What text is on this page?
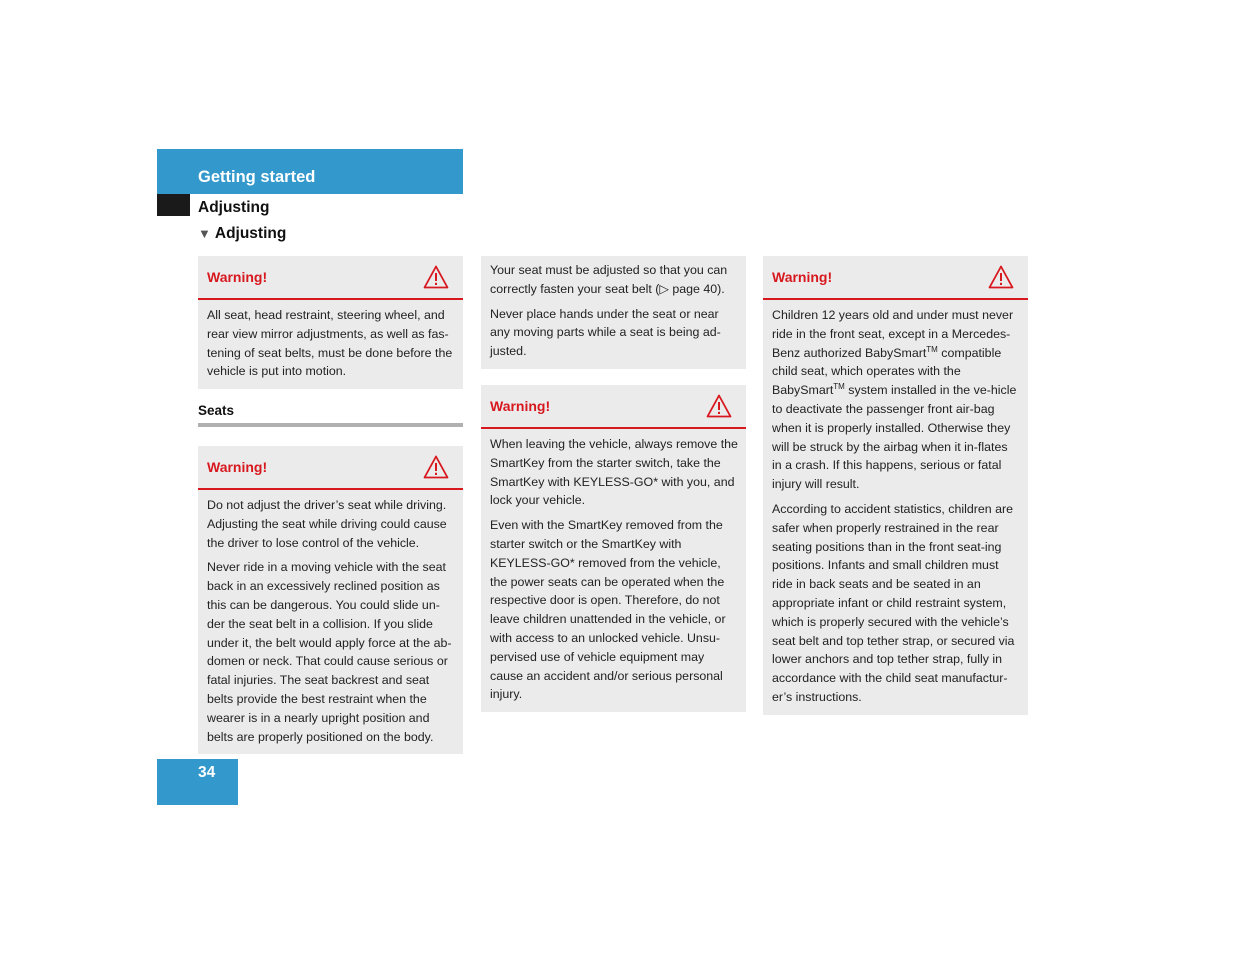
Getting started
Adjusting
▼ Adjusting
Warning!

All seat, head restraint, steering wheel, and rear view mirror adjustments, as well as fas-tening of seat belts, must be done before the vehicle is put into motion.

Seats
Warning!

Do not adjust the driver’s seat while driving. Adjusting the seat while driving could cause the driver to lose control of the vehicle.

Never ride in a moving vehicle with the seat back in an excessively reclined position as this can be dangerous. You could slide un-der the seat belt in a collision. If you slide under it, the belt would apply force at the ab-domen or neck. That could cause serious or fatal injuries. The seat backrest and seat belts provide the best restraint when the wearer is in a nearly upright position and belts are properly positioned on the body.

Your seat must be adjusted so that you can correctly fasten your seat belt (▷ page 40).

Never place hands under the seat or near any moving parts while a seat is being ad-justed.

Warning!

When leaving the vehicle, always remove the SmartKey from the starter switch, take the SmartKey with KEYLESS-GO* with you, and lock your vehicle.

Even with the SmartKey removed from the starter switch or the SmartKey with KEYLESS-GO* removed from the vehicle, the power seats can be operated when the respective door is open. Therefore, do not leave children unattended in the vehicle, or with access to an unlocked vehicle. Unsu-pervised use of vehicle equipment may cause an accident and/or serious personal injury.

Warning!

Children 12 years old and under must never ride in the front seat, except in a Mercedes-Benz authorized BabySmart™ compatible child seat, which operates with the BabySmart™ system installed in the ve-hicle to deactivate the passenger front air-bag when it is properly installed. Otherwise they will be struck by the airbag when it in-flates in a crash. If this happens, serious or fatal injury will result.

According to accident statistics, children are safer when properly restrained in the rear seating positions than in the front seat-ing positions. Infants and small children must ride in back seats and be seated in an appropriate infant or child restraint system, which is properly secured with the vehicle’s seat belt and top tether strap, or secured via lower anchors and top tether strap, fully in accordance with the child seat manufactur-er’s instructions.

34
